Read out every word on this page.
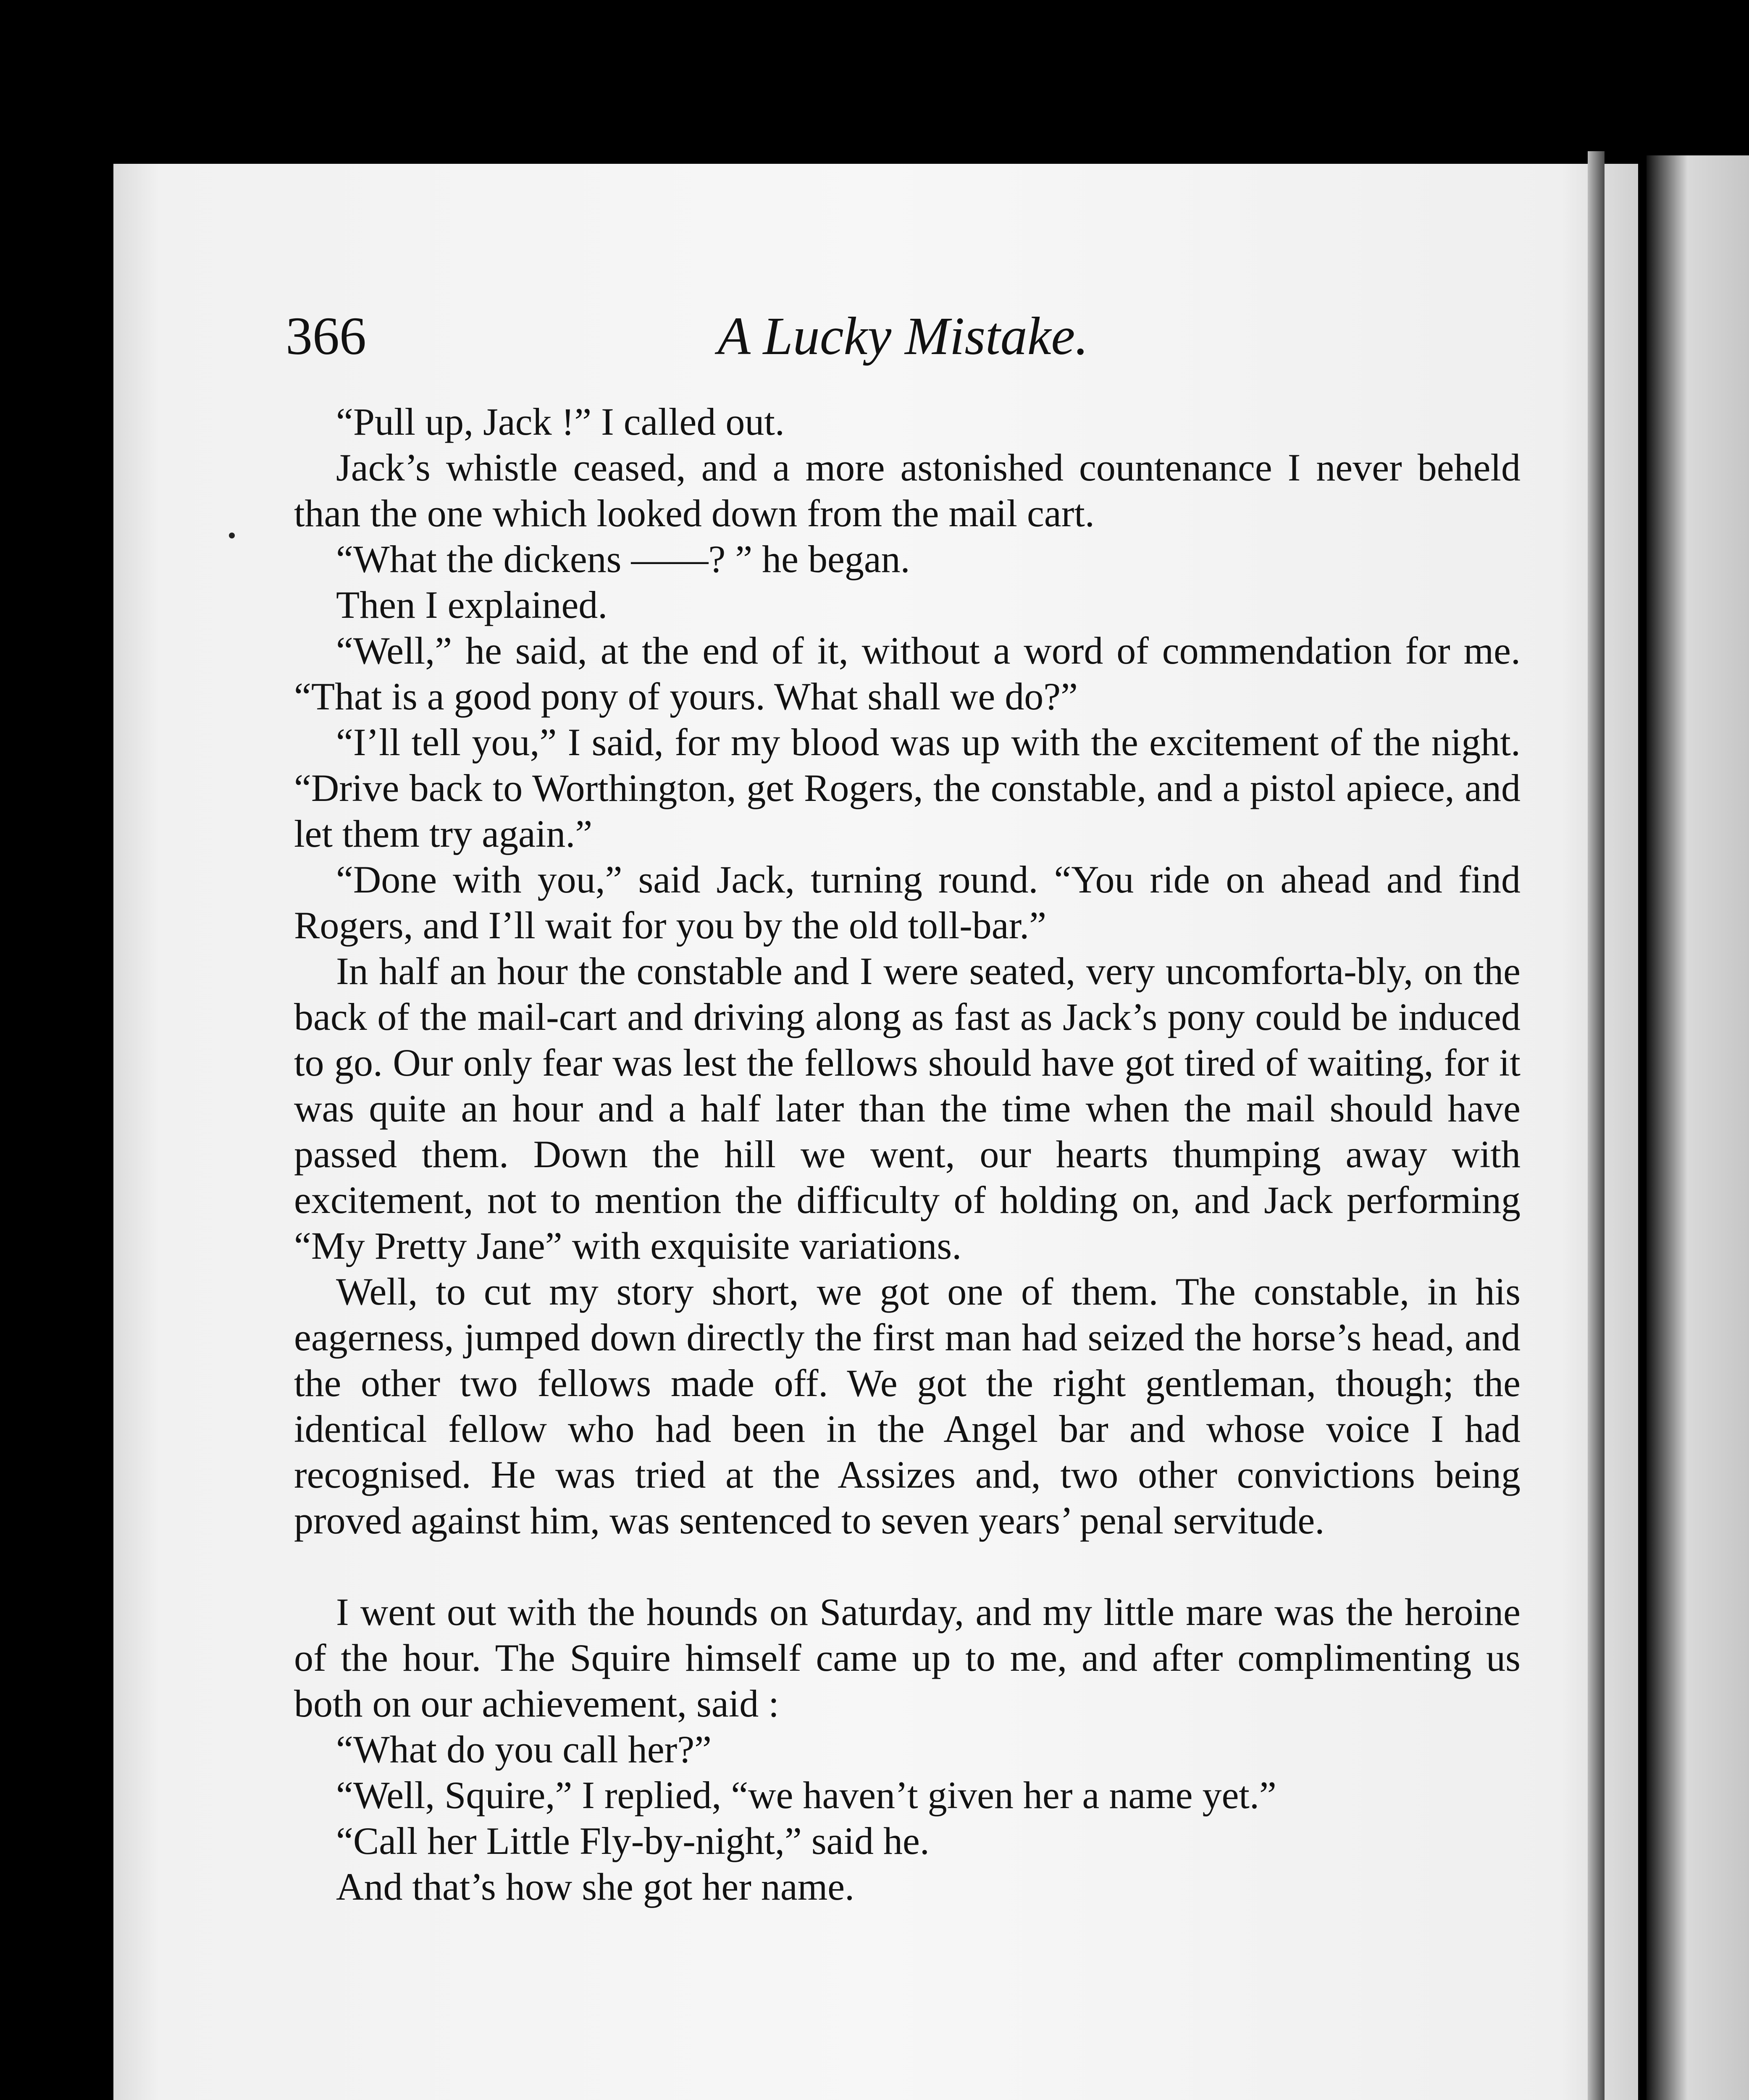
366	A Lucky Mistake.

“Pull up, Jack !” I called out.

Jack’s whistle ceased, and a more astonished countenance I never beheld than the one which looked down from the mail cart.

“What the dickens ——? ” he began.

Then I explained.

“Well,” he said, at the end of it, without a word of commendation for me. “That is a good pony of yours. What shall we do?”

“I’ll tell you,” I said, for my blood was up with the excitement of the night. “Drive back to Worthington, get Rogers, the constable, and a pistol apiece, and let them try again.”

“Done with you,” said Jack, turning round. “You ride on ahead and find Rogers, and I’ll wait for you by the old toll-bar.”

In half an hour the constable and I were seated, very uncomforta-bly, on the back of the mail-cart and driving along as fast as Jack’s pony could be induced to go. Our only fear was lest the fellows should have got tired of waiting, for it was quite an hour and a half later than the time when the mail should have passed them. Down the hill we went, our hearts thumping away with excitement, not to mention the difficulty of holding on, and Jack performing “My Pretty Jane” with exquisite variations.

Well, to cut my story short, we got one of them. The constable, in his eagerness, jumped down directly the first man had seized the horse’s head, and the other two fellows made off. We got the right gentleman, though; the identical fellow who had been in the Angel bar and whose voice I had recognised. He was tried at the Assizes and, two other convictions being proved against him, was sentenced to seven years’ penal servitude.

I went out with the hounds on Saturday, and my little mare was the heroine of the hour. The Squire himself came up to me, and after complimenting us both on our achievement, said :

“What do you call her?”

“Well, Squire,” I replied, “we haven’t given her a name yet.”

“Call her Little Fly-by-night,” said he.

And that’s how she got her name.
